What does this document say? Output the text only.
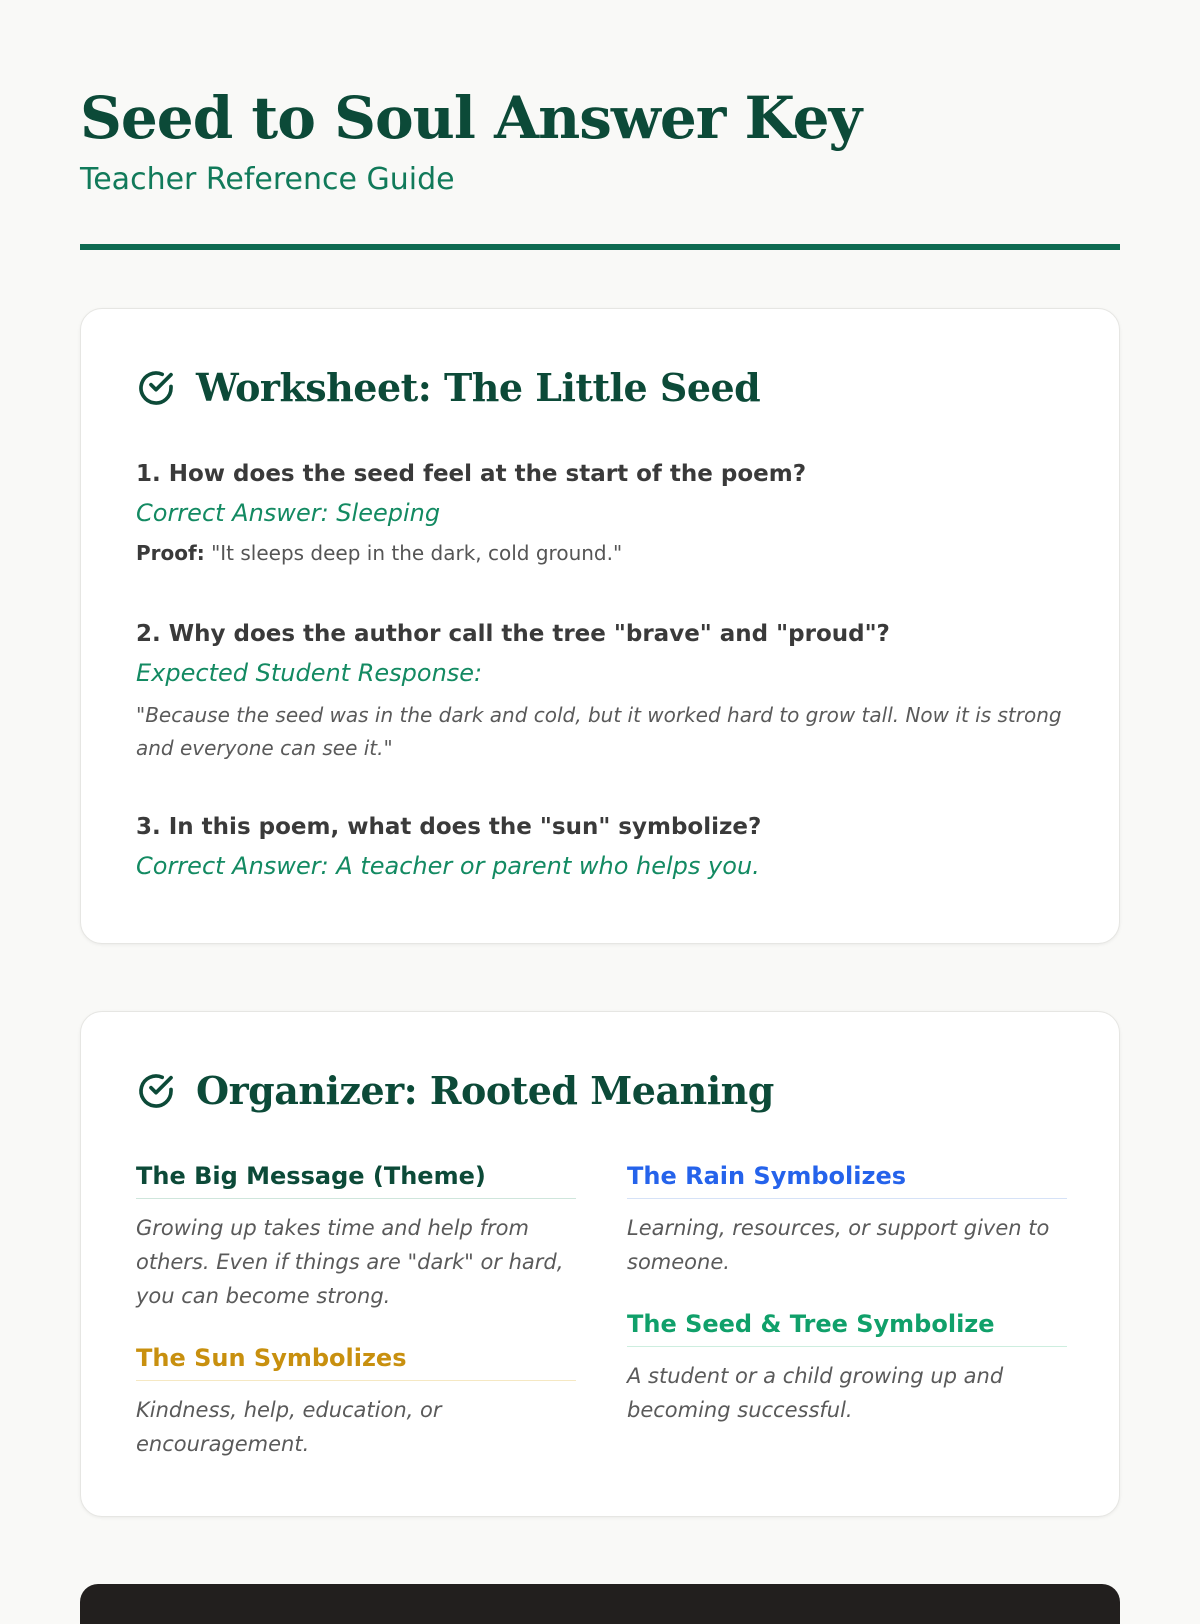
Seed to Soul Answer Key
Teacher Reference Guide
Worksheet: The Little Seed
1. How does the seed feel at the start of the poem?
Correct Answer: Sleeping
Proof: "It sleeps deep in the dark, cold ground."
2. Why does the author call the tree "brave" and "proud"?
Expected Student Response:
"Because the seed was in the dark and cold, but it worked hard to grow tall. Now it is strong and everyone can see it."
3. In this poem, what does the "sun" symbolize?
Correct Answer: A teacher or parent who helps you.
Organizer: Rooted Meaning
The Big Message (Theme)
Growing up takes time and help from others. Even if things are "dark" or hard, you can become strong.
The Sun Symbolizes
Kindness, help, education, or encouragement.
The Rain Symbolizes
Learning, resources, or support given to someone.
The Seed & Tree Symbolize
A student or a child growing up and becoming successful.
